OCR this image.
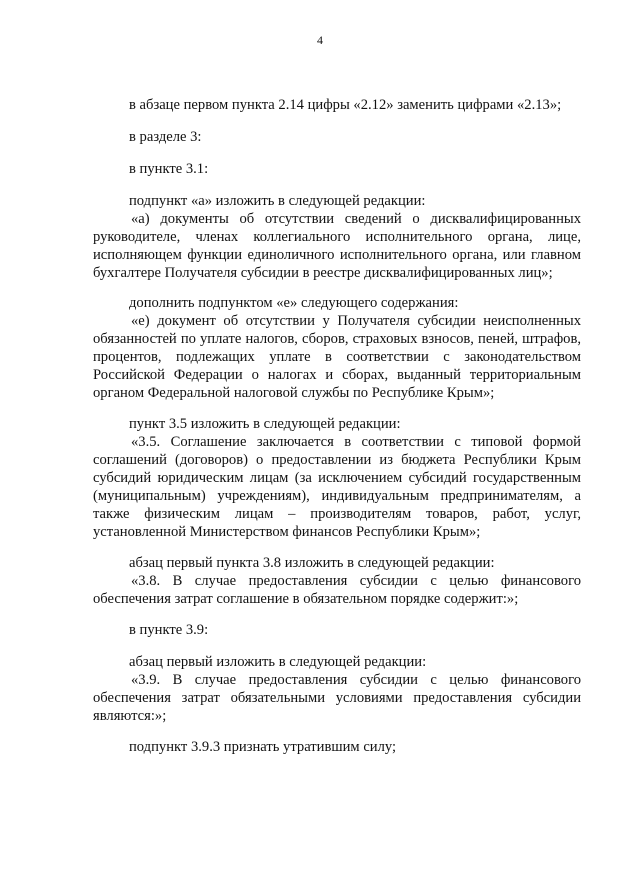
4
в абзаце первом пункта 2.14 цифры «2.12» заменить цифрами «2.13»;
в разделе 3:
в пункте 3.1:
подпункт «а» изложить в следующей редакции:
«а) документы об отсутствии сведений о дисквалифицированных
руководителе, членах коллегиального исполнительного органа, лице,
исполняющем функции единоличного исполнительного органа, или главном
бухгалтере Получателя субсидии в реестре дисквалифицированных лиц»;
дополнить подпунктом «е» следующего содержания:
«е) документ об отсутствии у Получателя субсидии неисполненных
обязанностей по уплате налогов, сборов, страховых взносов, пеней, штрафов,
процентов, подлежащих уплате в соответствии с законодательством
Российской Федерации о налогах и сборах, выданный территориальным
органом Федеральной налоговой службы по Республике Крым»;
пункт 3.5 изложить в следующей редакции:
«3.5. Соглашение заключается в соответствии с типовой формой
соглашений (договоров) о предоставлении из бюджета Республики Крым
субсидий юридическим лицам (за исключением субсидий государственным
(муниципальным) учреждениям), индивидуальным предпринимателям, а
также физическим лицам – производителям товаров, работ, услуг,
установленной Министерством финансов Республики Крым»;
абзац первый пункта 3.8 изложить в следующей редакции:
«3.8. В случае предоставления субсидии с целью финансового
обеспечения затрат соглашение в обязательном порядке содержит:»;
в пункте 3.9:
абзац первый изложить в следующей редакции:
«3.9. В случае предоставления субсидии с целью финансового
обеспечения затрат обязательными условиями предоставления субсидии
являются:»;
подпункт 3.9.3 признать утратившим силу;
